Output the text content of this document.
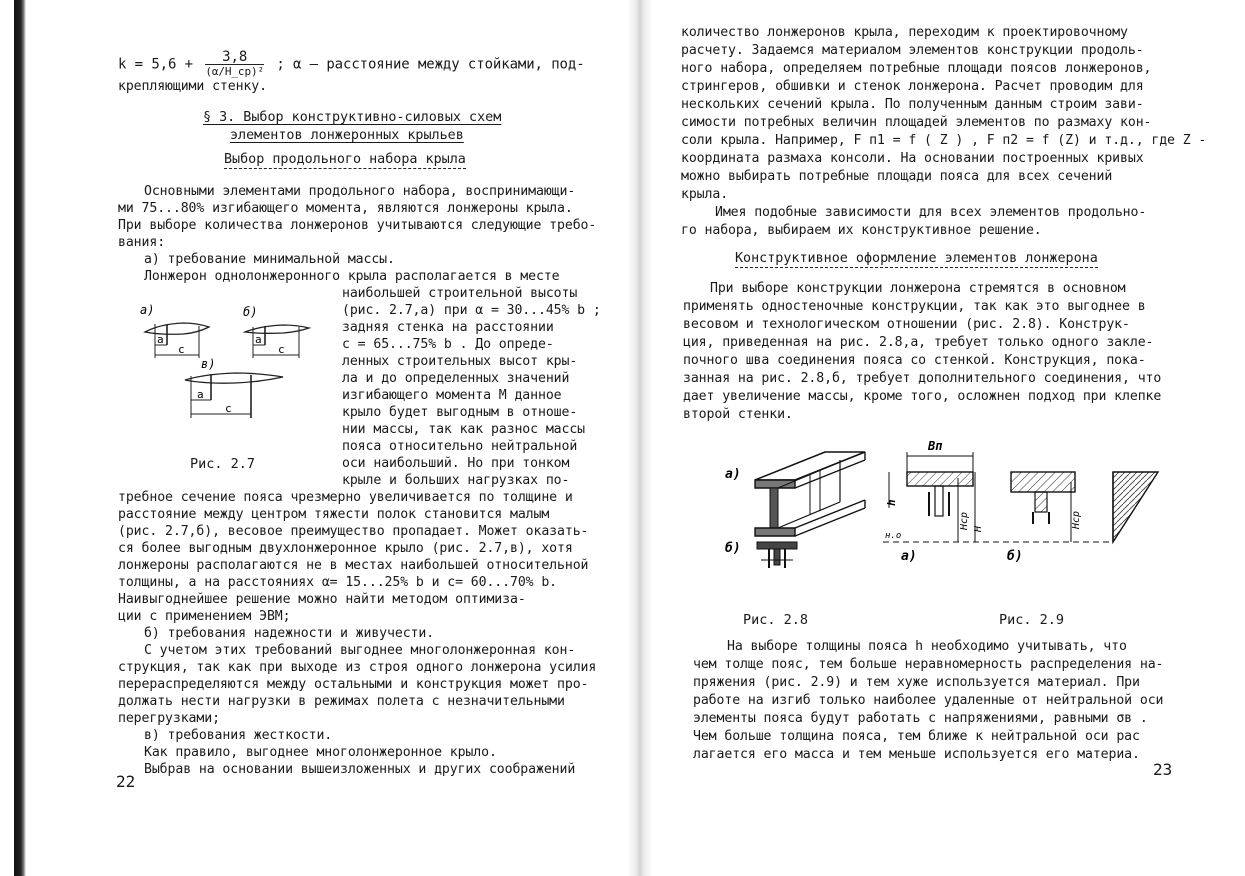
k = 5,6 +	3,8
(α/H_ср)² ; α – расстояние между стойками, под-
крепляющими стенку.
§ 3. Выбор конструктивно-силовых схем
элементов лонжеронных крыльев
Выбор продольного набора крыла
Основными элементами продольного набора, воспринимающи-
ми 75...80% изгибающего момента, являются лонжероны крыла.
При выборе количества лонжеронов учитываются следующие требо-
вания:
а) требование минимальной массы.
Лонжерон однолонжеронного крыла располагается в месте
наибольшей строительной высоты
(рис. 2.7,а) при α = 30...45% b ;
задняя стенка на расстоянии
c = 65...75% b . До опреде-
ленных строительных высот кры-
ла и до определенных значений
изгибающего момента M данное
крыло будет выгодным в отноше-
нии массы, так как разнос массы
пояса относительно нейтральной
оси наибольший. Но при тонком
крыле и больших нагрузках по-
а)
a
c
б)
a
c
в)
a
c
Рис. 2.7
требное сечение пояса чрезмерно увеличивается по толщине и
расстояние между центром тяжести полок становится малым
(рис. 2.7,б), весовое преимущество пропадает. Может оказать-
ся более выгодным двухлонжеронное крыло (рис. 2.7,в), хотя
лонжероны располагаются не в местах наибольшей относительной
толщины, а на расстояниях α= 15...25% b и c= 60...70% b.
Наивыгоднейшее решение можно найти методом оптимиза-
ции с применением ЭВМ;
б) требования надежности и живучести.
С учетом этих требований выгоднее многолонжеронная кон-
струкция, так как при выходе из строя одного лонжерона усилия
перераспределяются между остальными и конструкция может про-
должать нести нагрузки в режимах полета с незначительными
перегрузками;
в) требования жесткости.
Как правило, выгоднее многолонжеронное крыло.
Выбрав на основании вышеизложенных и других соображений
22
количество лонжеронов крыла, переходим к проектировочному
расчету. Задаемся материалом элементов конструкции продоль-
ного набора, определяем потребные площади поясов лонжеронов,
стрингеров, обшивки и стенок лонжерона. Расчет проводим для
нескольких сечений крыла. По полученным данным строим зави-
симости потребных величин площадей элементов по размаху кон-
соли крыла. Например, F п1 = f ( Z ) , F п2 = f (Z) и т.д., где Z -
координата размаха консоли. На основании построенных кривых
можно выбирать потребные площади пояса для всех сечений
крыла.
Имея подобные зависимости для всех элементов продольно-
го набора, выбираем их конструктивное решение.
Конструктивное оформление элементов лонжерона
При выборе конструкции лонжерона стремятся в основном
применять одностеночные конструкции, так как это выгоднее в
весовом и технологическом отношении (рис. 2.8). Конструк-
ция, приведенная на рис. 2.8,а, требует только одного закле-
почного шва соединения пояса со стенкой. Конструкция, пока-
занная на рис. 2.8,б, требует дополнительного соединения, что
дает увеличение массы, кроме того, осложнен подход при клепке
второй стенки.
а)
б)
Рис. 2.8
Bп
h
н.о
Hср H
а)
Hср
б)
Рис. 2.9
На выборе толщины пояса h необходимо учитывать, что
чем толще пояс, тем больше неравномерность распределения на-
пряжения (рис. 2.9) и тем хуже используется материал. При
работе на изгиб только наиболее удаленные от нейтральной оси
элементы пояса будут работать с напряжениями, равными σв .
Чем больше толщина пояса, тем ближе к нейтральной оси рас
лагается его масса и тем меньше используется его материа.
23
